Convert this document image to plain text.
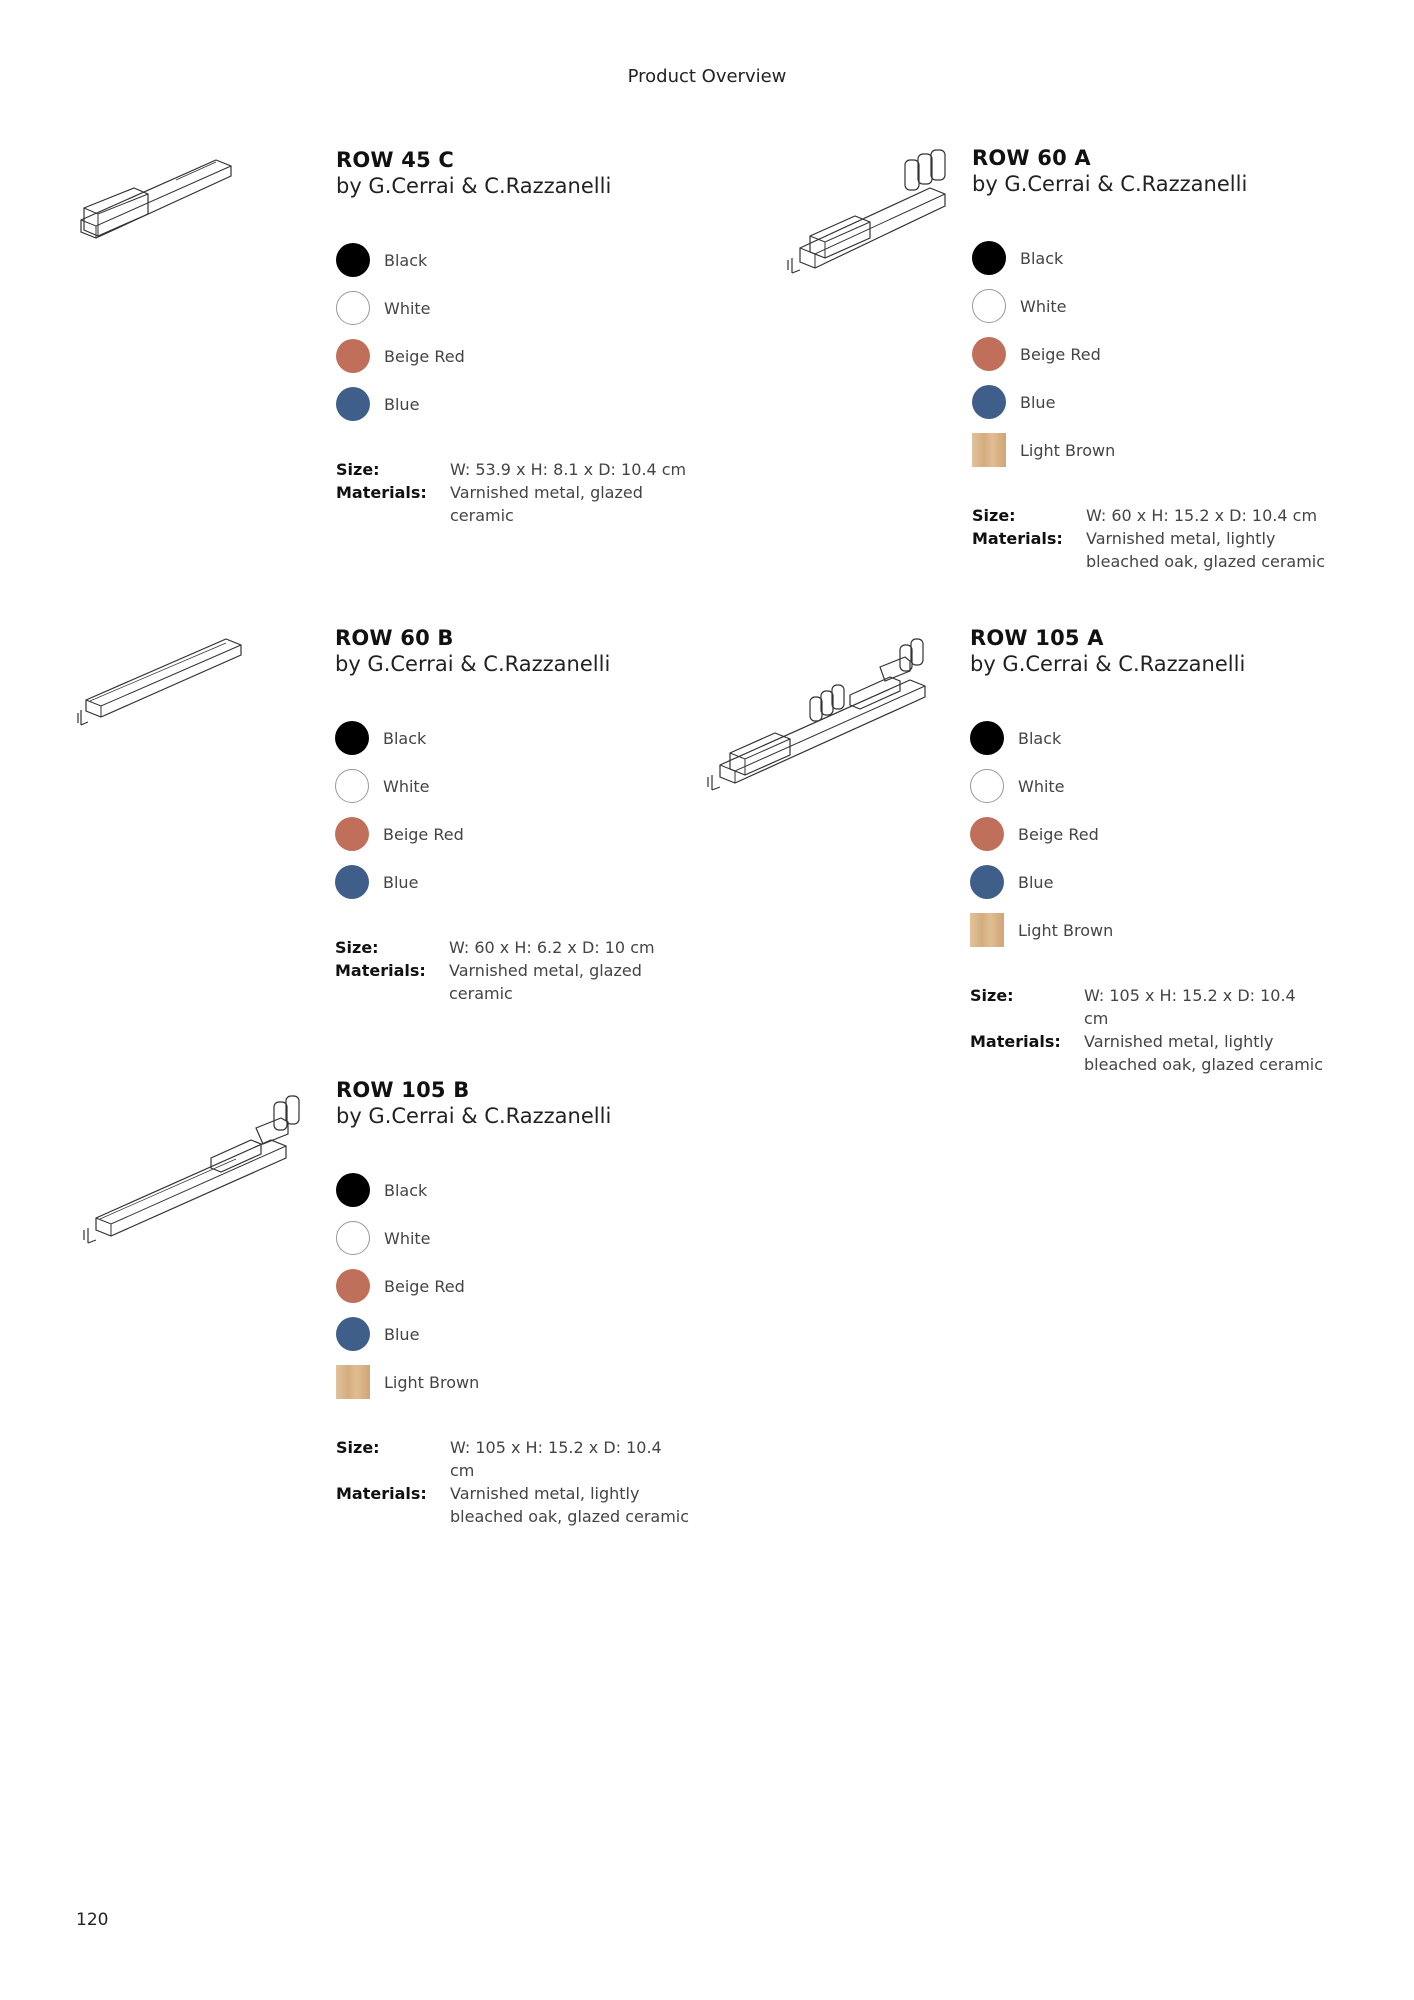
Product Overview
ROW 45 C
by G.Cerrai & C.Razzanelli
Black
White
Beige Red
Blue
Size:	W: 53.9 x H: 8.1 x D: 10.4 cm
Materials:	Varnished metal, glazed ceramic
ROW 60 A
by G.Cerrai & C.Razzanelli
Black
White
Beige Red
Blue
Light Brown
Size:	W: 60 x H: 15.2 x D: 10.4 cm
Materials:	Varnished metal, lightly bleached oak, glazed ceramic
ROW 60 B
by G.Cerrai & C.Razzanelli
Black
White
Beige Red
Blue
Size:	W: 60 x H: 6.2 x D: 10 cm
Materials:	Varnished metal, glazed ceramic
ROW 105 A
by G.Cerrai & C.Razzanelli
Black
White
Beige Red
Blue
Light Brown
Size:	W: 105 x H: 15.2 x D: 10.4 cm
Materials:	Varnished metal, lightly bleached oak, glazed ceramic
ROW 105 B
by G.Cerrai & C.Razzanelli
Black
White
Beige Red
Blue
Light Brown
Size:	W: 105 x H: 15.2 x D: 10.4 cm
Materials:	Varnished metal, lightly bleached oak, glazed ceramic
120
